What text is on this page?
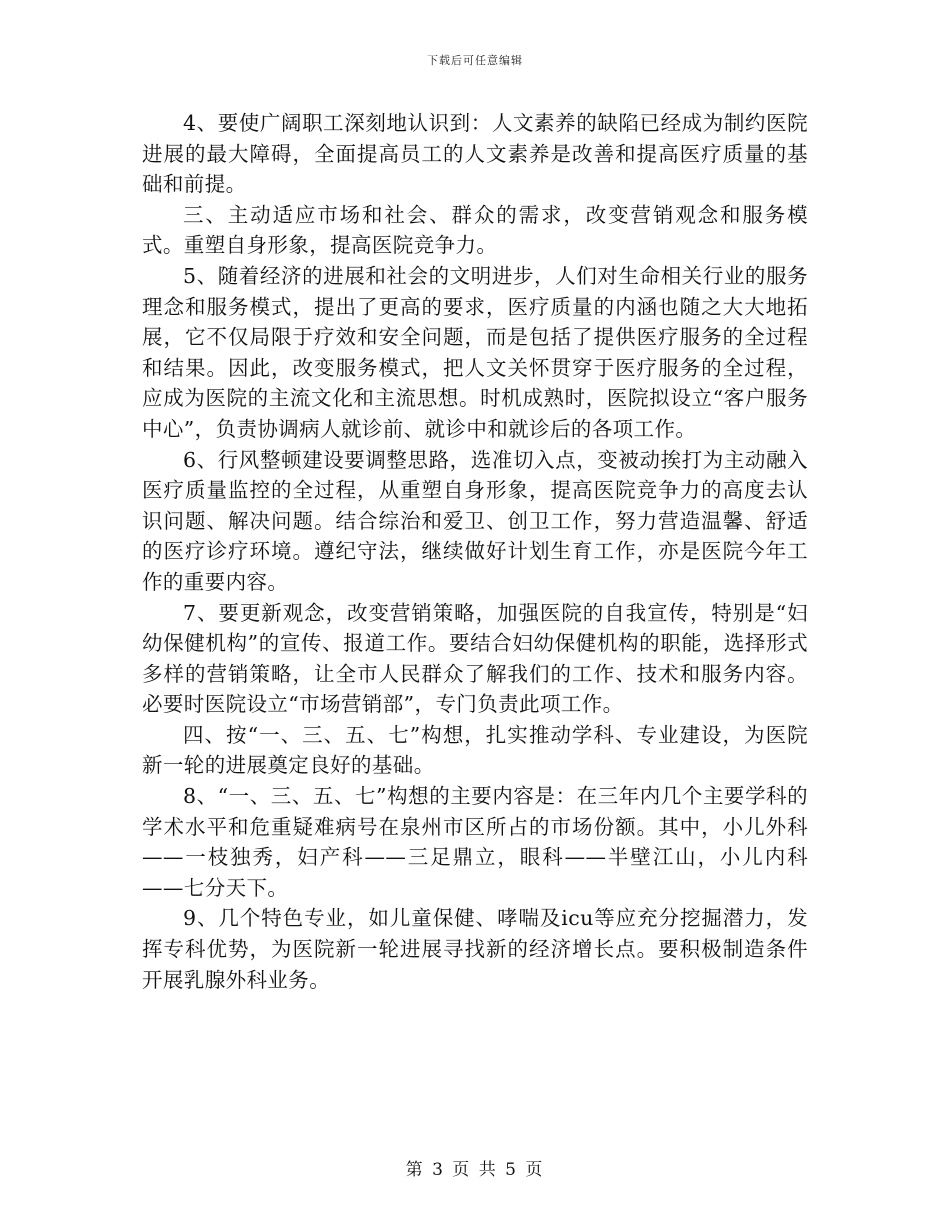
下载后可任意编辑

4、要使广阔职工深刻地认识到：人文素养的缺陷已经成为制约医院进展的最大障碍，全面提高员工的人文素养是改善和提高医疗质量的基础和前提。

三、主动适应市场和社会、群众的需求，改变营销观念和服务模式。重塑自身形象，提高医院竞争力。

5、随着经济的进展和社会的文明进步，人们对生命相关行业的服务理念和服务模式，提出了更高的要求，医疗质量的内涵也随之大大地拓展，它不仅局限于疗效和安全问题，而是包括了提供医疗服务的全过程和结果。因此，改变服务模式，把人文关怀贯穿于医疗服务的全过程，应成为医院的主流文化和主流思想。时机成熟时，医院拟设立“客户服务中心”，负责协调病人就诊前、就诊中和就诊后的各项工作。

6、行风整顿建设要调整思路，选准切入点，变被动挨打为主动融入医疗质量监控的全过程，从重塑自身形象，提高医院竞争力的高度去认识问题、解决问题。结合综治和爱卫、创卫工作，努力营造温馨、舒适的医疗诊疗环境。遵纪守法，继续做好计划生育工作，亦是医院今年工作的重要内容。

7、要更新观念，改变营销策略，加强医院的自我宣传，特别是“妇幼保健机构”的宣传、报道工作。要结合妇幼保健机构的职能，选择形式多样的营销策略，让全市人民群众了解我们的工作、技术和服务内容。必要时医院设立“市场营销部”，专门负责此项工作。

四、按“一、三、五、七”构想，扎实推动学科、专业建设，为医院新一轮的进展奠定良好的基础。

8、“一、三、五、七”构想的主要内容是：在三年内几个主要学科的学术水平和危重疑难病号在泉州市区所占的市场份额。其中，小儿外科——一枝独秀，妇产科——三足鼎立，眼科——半壁江山，小儿内科——七分天下。

9、几个特色专业，如儿童保健、哮喘及icu等应充分挖掘潜力，发挥专科优势，为医院新一轮进展寻找新的经济增长点。要积极制造条件开展乳腺外科业务。

第 3 页 共 5 页
